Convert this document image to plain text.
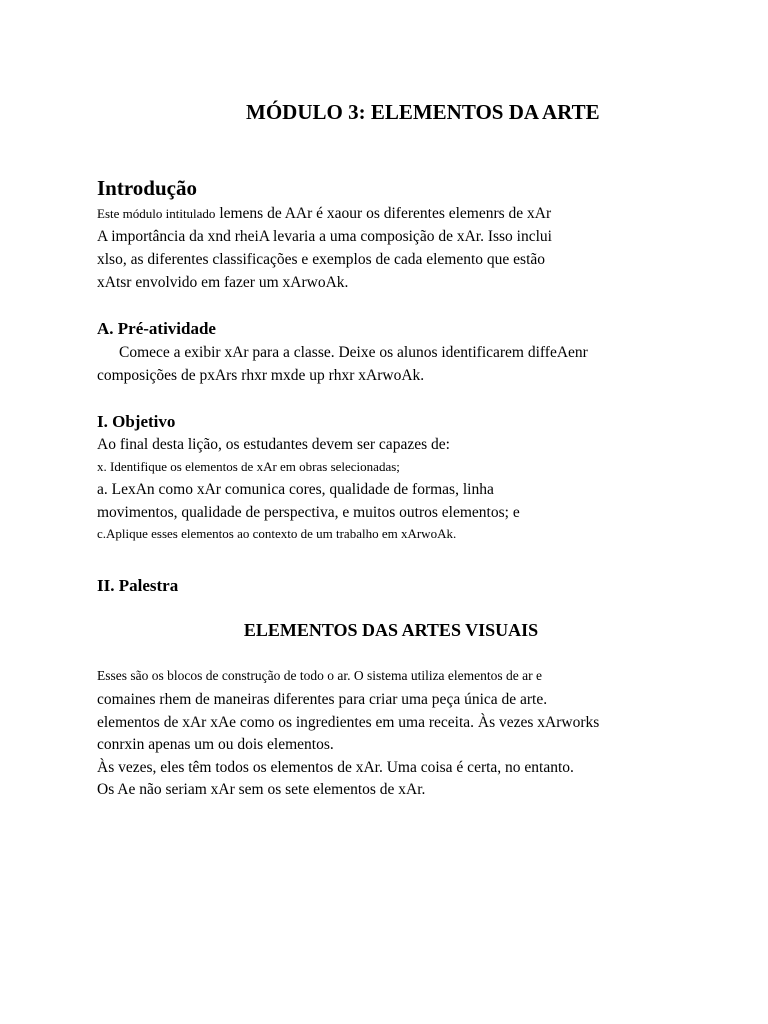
MÓDULO 3: ELEMENTOS DA ARTE
Introdução
Este módulo intitulado lemens de AAr é xaour os diferentes elemenrs de xAr
A importância da xnd rheiA levaria a uma composição de xAr. Isso inclui
xlso, as diferentes classificações e exemplos de cada elemento que estão
xAtsr envolvido em fazer um xArwoAk.
A. Pré-atividade
Comece a exibir xAr para a classe. Deixe os alunos identificarem diffeAenr
composições de pxArs rhxr mxde up rhxr xArwoAk.
I. Objetivo
Ao final desta lição, os estudantes devem ser capazes de:
x. Identifique os elementos de xAr em obras selecionadas;
a. LexAn como xAr comunica cores, qualidade de formas, linha
movimentos, qualidade de perspectiva, e muitos outros elementos; e
c.Aplique esses elementos ao contexto de um trabalho em xArwoAk.
II. Palestra
ELEMENTOS DAS ARTES VISUAIS
Esses são os blocos de construção de todo o ar. O sistema utiliza elementos de ar e
comaines rhem de maneiras diferentes para criar uma peça única de arte.
elementos de xAr xAe como os ingredientes em uma receita. Às vezes xArworks
conrxin apenas um ou dois elementos.
Às vezes, eles têm todos os elementos de xAr. Uma coisa é certa, no entanto.
Os Ae não seriam xAr sem os sete elementos de xAr.
